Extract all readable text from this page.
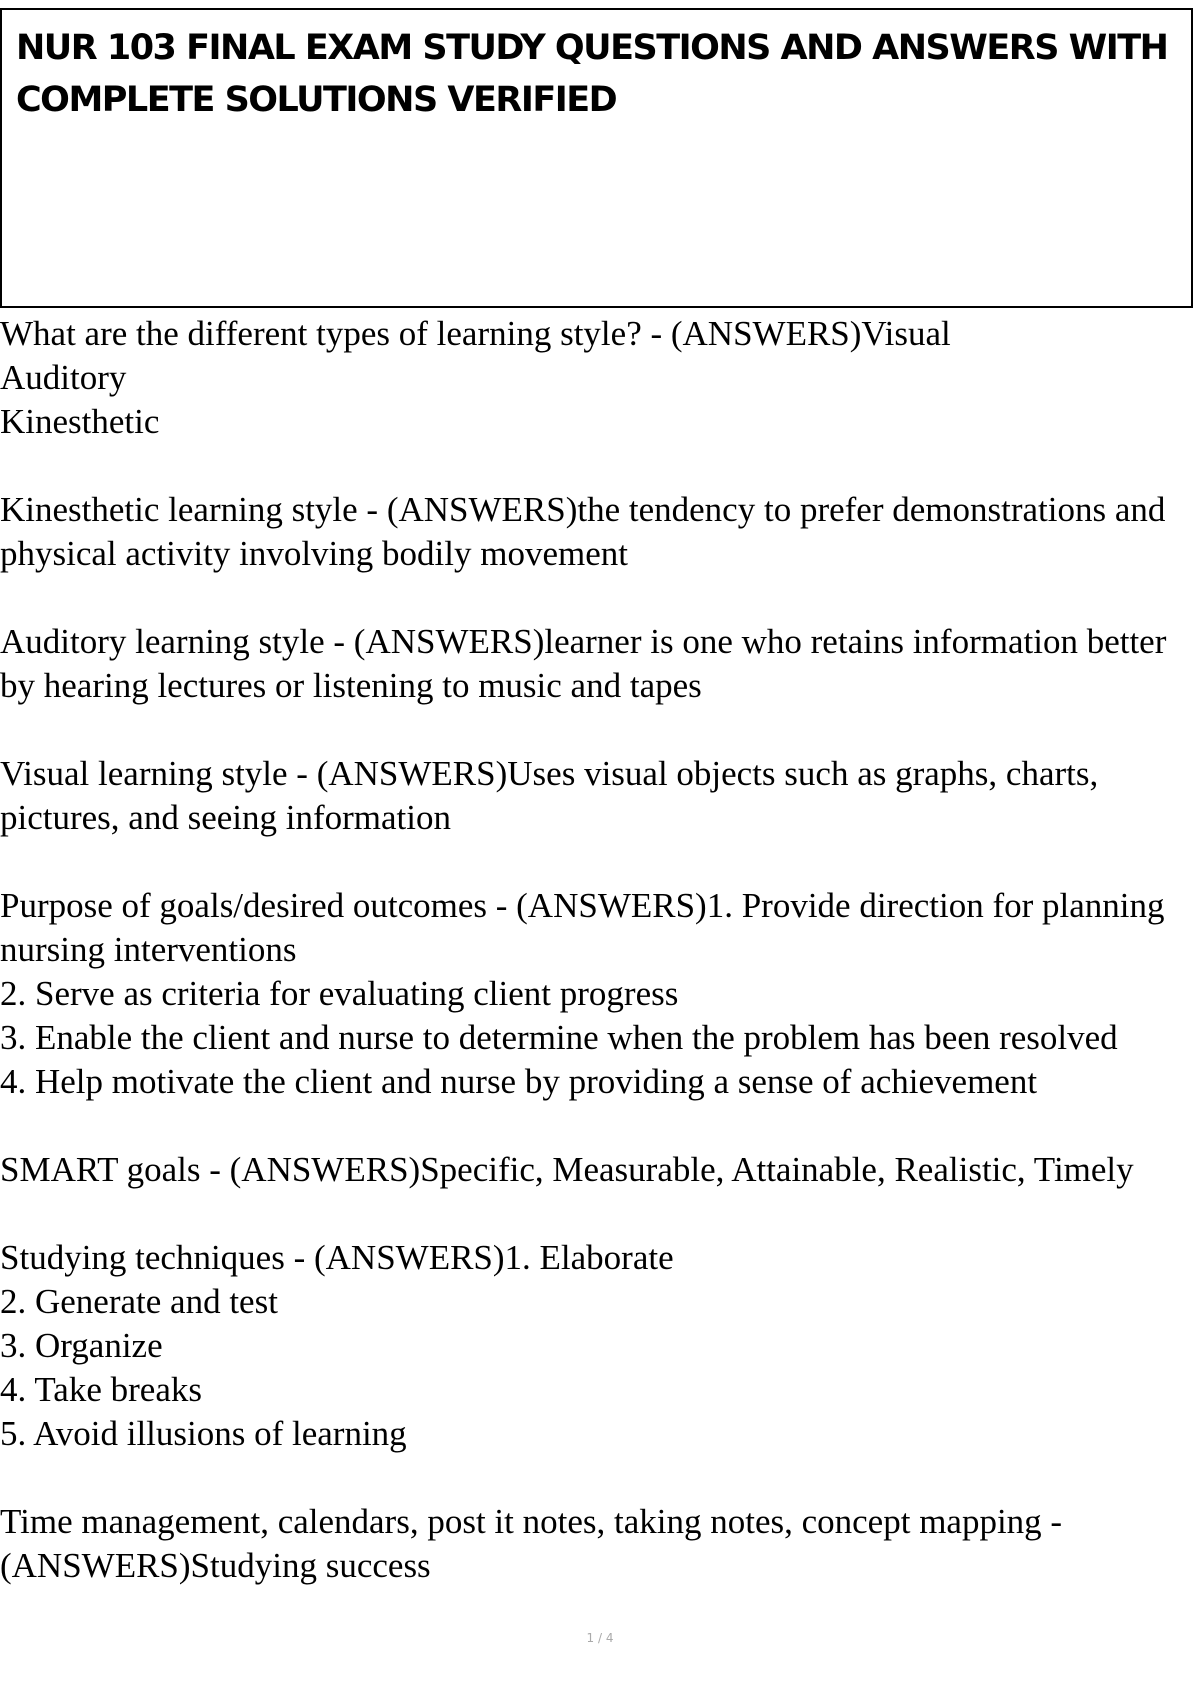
NUR 103 FINAL EXAM STUDY QUESTIONS AND ANSWERS WITH
COMPLETE SOLUTIONS VERIFIED
What are the different types of learning style? - (ANSWERS)Visual
Auditory
Kinesthetic
Kinesthetic learning style - (ANSWERS)the tendency to prefer demonstrations and
physical activity involving bodily movement
Auditory learning style - (ANSWERS)learner is one who retains information better
by hearing lectures or listening to music and tapes
Visual learning style - (ANSWERS)Uses visual objects such as graphs, charts,
pictures, and seeing information
Purpose of goals/desired outcomes - (ANSWERS)1. Provide direction for planning
nursing interventions
2. Serve as criteria for evaluating client progress
3. Enable the client and nurse to determine when the problem has been resolved
4. Help motivate the client and nurse by providing a sense of achievement
SMART goals - (ANSWERS)Specific, Measurable, Attainable, Realistic, Timely
Studying techniques - (ANSWERS)1. Elaborate
2. Generate and test
3. Organize
4. Take breaks
5. Avoid illusions of learning
Time management, calendars, post it notes, taking notes, concept mapping -
(ANSWERS)Studying success
1 / 4
